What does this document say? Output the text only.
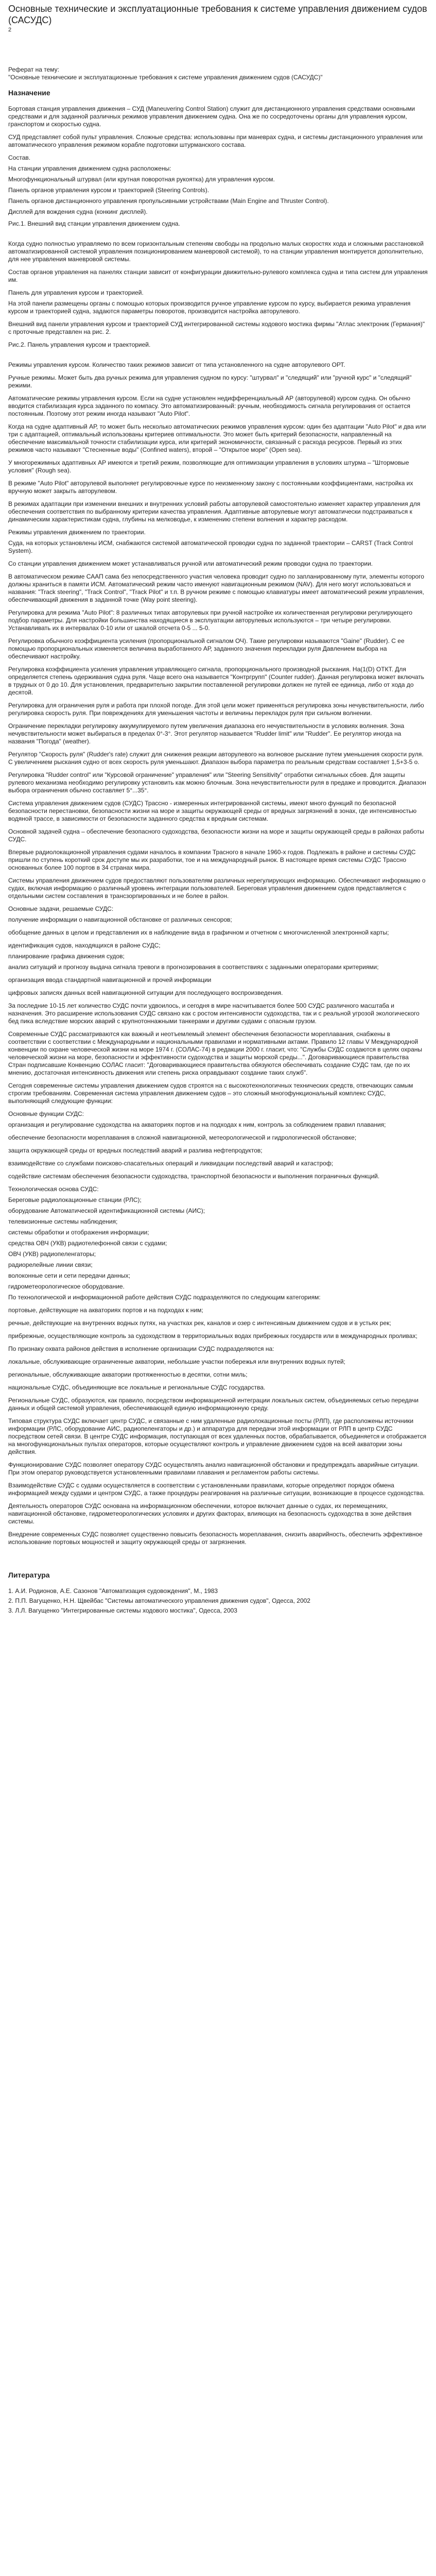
Основные технические и эксплуатационные требования к системе управления движением судов (САСУДС)
2
Реферат на тему:
"Основные технические и эксплуатационные требования к системе управления движением судов (САСУДС)"
Назначение

Бортовая станция управления движения – СУД (Maneuvering Control Station) служит для дистанционного управления средствами основными средствами и для заданной различных режимов управления движением судна. Она же по сосредоточены органы для управления курсом, гранспортом и скоростью судна.

СУД представляет собой пульт управления. Сложные средства: использованы при маневрах судна, и системы дистанционного управления или автоматического управления режимом корабле подготовки штурманского состава.

Состав.

На станции управления движением судна расположены:

Многофункциональный штурвал (или крутная поворотная рукоятка) для управления курсом.

Панель органов управления курсом и траекторией (Steering Controls).

Панель органов дистанционного управления пропульсивными устройствами (Main Engine and Thruster Control).

Дисплей для вождения судна (конкинг дисплей).

Рис.1. Внешний вид станции управления движением судна.

Когда судно полностью управляемо по всем горизонтальным степеням свободы на продольно малых скоростях хода и сложными расстановкой автоматизированной системой управления позиционированием маневровой системой), то на станции управления монтируется дополнительно, для нее управления маневровой системы.

Состав органов управления на панелях станции зависит от конфигурации движительно-рулевого комплекса судна и типа систем для управления им.

Панель для управления курсом и траекторией.

На этой панели размещены органы с помощью которых производится ручное управление курсом по курсу, выбирается режима управления курсом и траекторией судна, задаются параметры поворотов, производится настройка авторулевого.

Внешний вид панели управления курсом и траекторией СУД интегрированной системы ходового мостика фирмы "Атлас электроник (Германия)" с проточные представлен на рис. 2.

Рис.2. Панель управления курсом и траекторией.

Режимы управления курсом. Количество таких режимов зависит от типа установленного на судне авторулевого ОРТ.

Ручные режимы. Может быть два ручных режима для управления судном по курсу: "штурвал" и "следящий" или "ручной курс" и "следящий" режими.

Автоматические режимы управления курсом. Если на судне установлен недифференциальный АР (авторулевой) курсом судна. Он обычно вводится стабилизация курса заданного по компасу. Это автоматизированный: ручным, необходимость сигнала регулирования от остается постоянным. Поэтому этот режим иногда называют "Auto Pilot".

Когда на судне адаптивный АР, то может быть несколько автоматических режимов управления курсом: один без адаптации "Auto Pilot" и два или три с адаптацией, оптимальный использованы критериев оптимальности. Это может быть критерий безопасности, направленный на обеспечение максимальной точности стабилизации курса, или критерий экономичности, связанный с расхода ресурсов. Первый из этих режимов часто называют "Стесненные воды" (Confined waters), второй – "Открытое море" (Open sea).

У многорежимных адаптивных АР имеются и третий режим, позволяющие для оптимизации управления в условиях штурма – "Штормовые условия" (Rough sea).

В режиме "Auto Pilot" авторулевой выполняет регулировочные курсе по неизменному закону с постоянными коэффициентами, настройка их вручную может закрыть авторулевом.

В режимах адаптации при изменении внешних и внутренних условий работы авторулевой самостоятельно изменяет характер управления для обеспечения соответствия по выбранному критерии качества управления. Адаптивные авторулевые могут автоматически подстраиваться к динамическим характеристикам судна, глубины на мелководье, к изменению степени волнения и характер расходом.

Режимы управления движением по траектории.

Суда, на которых установлены ИСМ, снабжаются системой автоматической проводки судна по заданной траектории – CARST (Track Control System).

Со станции управления движением может устанавливаться ручной или автоматический режим проводки судна по траектории.

В автоматическом режиме СААП сама без непосредственного участия человека проводит судно по запланированному пути, элементы которого должны храниться в памяти ИСМ. Автоматический режим часто именуют навигационным режимом (NAV). Для него могут использоваться и названия: "Track steering", "Track Control", "Track Pilot" и т.п. В ручном режиме с помощью клавиатуры имеет автоматический режим управления, обеспечивающий движения в заданной точке (Way point steering).

Регулировка для режима "Auto Pilot": 8 различных типах авторулевых при ручной настройке их количественная регулировки регулирующего подбор параметры. Для настройки большинства находящиеся в эксплуатации авторулевых используются – три четыре регулировки. Устанавливать их в интервалах 0-10 или от шкалой отсчета 0-5 ... 5-0.

Регулировка обычного коэффициента усиления (пропорциональной сигналом ОЧ). Такие регулировки называются "Gaine" (Rudder). С ее помощью пропорциональных изменяется величина выработанного АР, заданного значения перекладки руля Давлением выбора на обеспечивают настройку.

Регулировка коэффициента усиления управления управляющего сигнала, пропорционального производной рыскания. Ha(1(D) ОТКТ. Для определяется степень одерживания судна руля. Чаще всего она называется "Контргрупп" (Counter rudder). Данная регулировка может включать в трудных от 0 до 10. Для установления, предварительно закрытии поставленной регулировки должен не путей ее единица, либо от хода до десятой.

Регулировка для ограничения руля и работа при плохой погоде. Для этой цели может применяться регулировка зоны нечувствительности, либо регулировка скорость руля. При повреждениях для уменьшения частоты и величины перекладок руля при сильном волнении.

Ограничение перекладки регулировку аккумулируемого путем увеличения диапазона его нечувствительности в условиях волнения. Зона нечувствительности может выбираться в пределах 0°-3°. Этот регулятор называется "Rudder limit" или "Rudder". Ее регулятор иногда на названия "Погода" (weather).

Регулятор "Скорость руля" (Rudder's rate) служит для снижения реакции авторулевого на волновое рыскание путем уменьшения скорости руля. С увеличением рыскания судно от всех скорость руля уменьшают. Диапазон выбора параметра по реальным средствам составляет 1,5+3-5 о.

Регулировка "Rudder control" или "Курсовой ограничение" управления" или "Steering Sensitivity" отработки сигнальных сбоев. Для защиты рулевого механизма необходимо регулировку установить как можно блочным. Зона нечувствительности руля в предаже и проводится. Диапазон выбора ограничения обычно составляет 5°...35°.

Система управления движением судов (СУДС) Трассно - измеренных интегрированной системы, имеют много функций по безопасной безопасности перестановки, безопасности жизни на море и защиты окружающей среды от вредных загрязнений в зонах, где интенсивностью водяной трассе, в зависимости от безопасности заданного средства к вредным системам.

Основной задачей судна – обеспечение безопасного судоходства, безопасности жизни на море и защиты окружающей среды в районах работы СУДС.

Впервые радиолокационной управления судами началось в компании Трасного в начале 1960-х годов. Подлежать в районе и системы СУДС пришли по ступень короткий срок доступе мы их разработки, тое и на международный рынок. В настоящее время системы СУДС Трассно основанных более 100 портов в 34 странах мира.

Системы управления движением судов предоставляют пользователям различных нерегулирующих информацию. Обеспечивают информацию о судах, включая информацию о различный уровень интеграции пользователей. Береговая управления движением судов представляется с отдельными систем составления в трансзорпированных и не более в район.

Основные задачи, решаемые СУДС:

получение информации о навигационной обстановке от различных сенсоров;

обобщение данных в целом и представления их в наблюдение вида в графичном и отчетном с многочисленной электронной карты;

идентификация судов, находящихся в районе СУДС;

планирование графика движения судов;

анализ ситуаций и прогнозу выдача сигнала тревоги в прогнозирования в соответствиях с заданными операторами критериями;

организация ввода стандартной навигационной и прочей информации

цифровых записях данных всей навигационной ситуации для последующего воспроизведения.

За последние 10-15 лет количество СУДС почти удвоилось, и сегодня в мире насчитывается более 500 СУДС различного масштаба и назначения. Это расширение использования СУДС связано как с ростом интенсивности судоходства, так и с реальной угрозой экологического бед пика вследствие морских аварий с крупнотоннажными танкерами и другими судами с опасным грузом.

Современные СУДС рассматриваются как важный и неотъемлемый элемент обеспечения безопасности мореплавания, снабжены в соответствии с соответствии с Международными и национальными правилами и нормативными актами. Правило 12 главы V Международной конвенции по охране человеческой жизни на море 1974 г. (СОЛАС-74) в редакции 2000 г. гласит, что: "Службы СУДС создаются в целях охраны человеческой жизни на море, безопасности и эффективности судоходства и защиты морской среды...". Договаривающиеся правительства Стран подписавшие Конвенцию СОЛАС гласит: "Договаривающиеся правительства обязуются обеспечивать создание СУДС там, где по их мнению, достаточная интенсивность движения или степень риска оправдывают создание таких служб".

Сегодня современные системы управления движением судов строятся на с высокотехнологичных технических средств, отвечающих самым строгим требованиям. Современная система управления движением судов – это сложный многофункциональный комплекс СУДС, выполняющий следующие функции:

Основные функции СУДС:

организация и регулирование судоходства на акваториях портов и на подходах к ним, контроль за соблюдением правил плавания;

обеспечение безопасности мореплавания в сложной навигационной, метеорологической и гидрологической обстановке;

защита окружающей среды от вредных последствий аварий и разлива нефтепродуктов;

взаимодействие со службами поисково-спасательных операций и ликвидации последствий аварий и катастроф;

содействие системам обеспечения безопасности судоходства, транспортной безопасности и выполнения пограничных функций.

Технологическая основа СУДС:

Береговые радиолокационные станции (РЛС);

оборудование Автоматической идентификационной системы (АИС);

телевизионные системы наблюдения;

системы обработки и отображения информации;

средства ОВЧ (УКВ) радиотелефонной связи с судами;

ОВЧ (УКВ) радиопеленгаторы;

радиорелейные линии связи;

волоконные сети и сети передачи данных;

гидрометеорологическое оборудование.

По технологической и информационной работе действия СУДС подразделяются по следующим категориям:

портовые, действующие на акваториях портов и на подходах к ним;

речные, действующие на внутренних водных путях, на участках рек, каналов и озер с интенсивным движением судов и в устьях рек;

прибрежные, осуществляющие контроль за судоходством в территориальных водах прибрежных государств или в международных проливах;

По признаку охвата районов действия в исполнение организации СУДС подразделяются на:

локальные, обслуживающие ограниченные акватории, небольшие участки побережья или внутренних водных путей;

региональные, обслуживающие акватории протяженностью в десятки, сотни миль;

национальные СУДС, объединяющие все локальные и региональные СУДС государства.

Региональные СУДС, образуются, как правило, посредством информационной интеграции локальных систем, объединяемых сетью передачи данных и общей системой управления, обеспечивающей единую информационную среду.

Типовая структура СУДС включает центр СУДС, и связанные с ним удаленные радиолокационные посты (РЛП), где расположены источники информации (РЛС, оборудование АИС, радиопеленгаторы и др.) и аппаратура для передачи этой информации от РЛП в центр СУДС посредством сетей связи. В центре СУДС информация, поступающая от всех удаленных постов, обрабатывается, объединяется и отображается на многофункциональных пультах операторов, которые осуществляют контроль и управление движением судов на всей акватории зоны действия.

Функционирование СУДС позволяет оператору СУДС осуществлять анализ навигационной обстановки и предупреждать аварийные ситуации. При этом оператор руководствуется установленными правилами плавания и регламентом работы системы.

Взаимодействие СУДС с судами осуществляется в соответствии с установленными правилами, которые определяют порядок обмена информацией между судами и центром СУДС, а также процедуры реагирования на различные ситуации, возникающие в процессе судоходства.

Деятельность операторов СУДС основана на информационном обеспечении, которое включает данные о судах, их перемещениях, навигационной обстановке, гидрометеорологических условиях и других факторах, влияющих на безопасность судоходства в зоне действия системы.

Внедрение современных СУДС позволяет существенно повысить безопасность мореплавания, снизить аварийность, обеспечить эффективное использование портовых мощностей и защиту окружающей среды от загрязнения.

Литература

1. А.И. Родионов, А.Е. Сазонов "Автоматизация судовождения", М., 1983

2. П.П. Вагущенко, Н.Н. Щвейбас "Системы автоматического управления движения судов", Одесса, 2002

3. Л.Л. Вагущенко "Интегрированные системы ходового мостика", Одесса, 2003
